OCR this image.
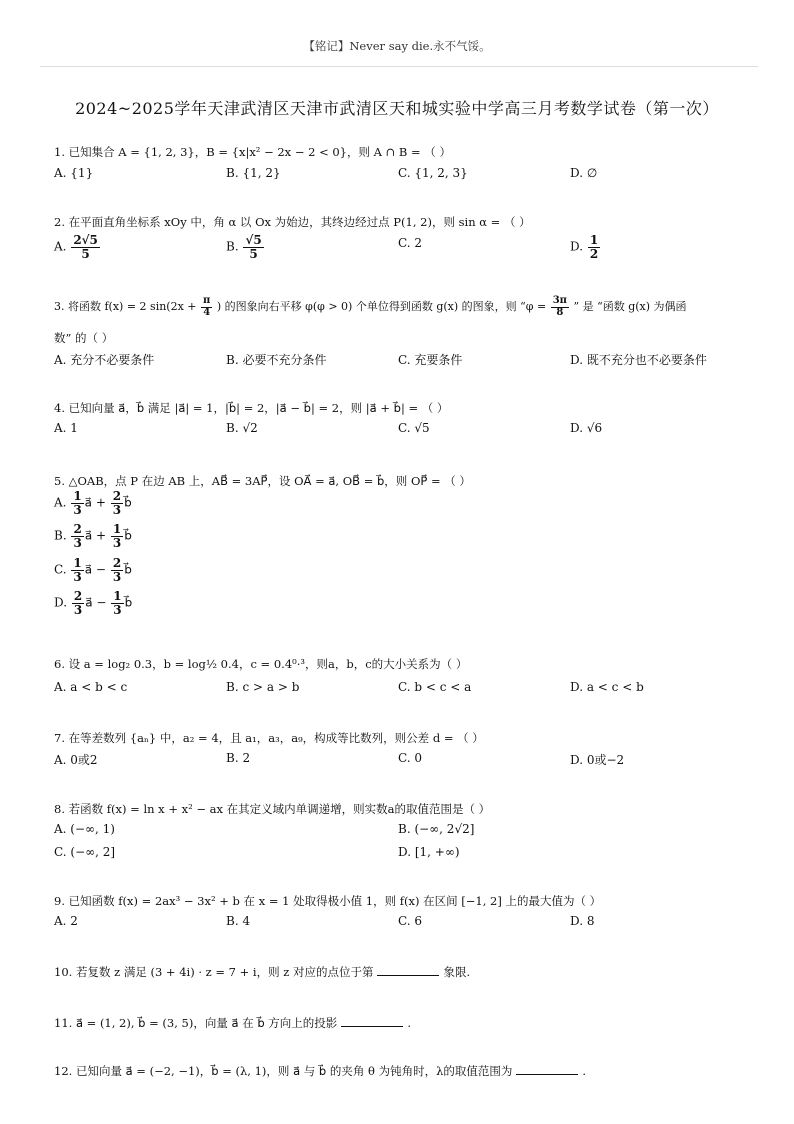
【铭记】Never say die.永不气馁。
2024~2025学年天津武清区天津市武清区天和城实验中学高三月考数学试卷（第一次）
1. 已知集合 A = {1, 2, 3}，B = {x|x² − 2x − 2 < 0}，则 A ∩ B = （ ）
A. {1}	B. {1, 2}	C. {1, 2, 3}	D. ∅
2. 在平面直角坐标系 xOy 中，角 α 以 Ox 为始边，其终边经过点 P(1, 2)，则 sin α = （ ）
A. $\frac{2√5}{5}$	B. $\frac{√5}{5}$	C. 2	D. $\frac{1}{2}$
3. 将函数 f(x) = 2 $\sin(2x + \frac{\pi}{4}$ ) 的图象向右平移 φ(φ > 0) 个单位得到函数 g(x) 的图象，则 “$\varphi = \frac{3\pi}{8}$ ” 是 “函数 g(x) 为偶函
数” 的（ ）
A. 充分不必要条件	B. 必要不充分条件	C. 充要条件	D. 既不充分也不必要条件
4. 已知向量 a⃗，b⃗ 满足 |a⃗| = 1，|b⃗| = 2，|a⃗ − b⃗| = 2，则 |a⃗ + b⃗| = （ ）
A. 1	B. √2	C. √5	D. √6
5. △OAB，点 P 在边 AB 上，AB⃗ = 3AP⃗，设 OA⃗ = a⃗, OB⃗ = b⃗，则 OP⃗ = （ ）
A. $\frac{1}{3}$ a⃗ + $\frac{2}{3}$ b⃗
B. $\frac{2}{3}$ a⃗ + $\frac{1}{3}$ b⃗
C. $\frac{1}{3}$ a⃗ − $\frac{2}{3}$ b⃗
D. $\frac{2}{3}$ a⃗ − $\frac{1}{3}$ b⃗
6. 设 a = log₂ 0.3，b = log½ 0.4，c = 0.4⁰·³，则a，b，c的大小关系为（ ）
A. a < b < c	B. c > a > b	C. b < c < a	D. a < c < b
7. 在等差数列 {aₙ} 中，a₂ = 4，且 a₁，a₃，a₉，构成等比数列，则公差 d = （ ）
A. 0或2	B. 2	C. 0	D. 0或−2
8. 若函数 f(x) = ln x + x² − ax 在其定义域内单调递增，则实数a的取值范围是（ ）
A. (−∞, 1)	B. (−∞, 2√2]
C. (−∞, 2]	D. [1, +∞)
9. 已知函数 f(x) = 2ax³ − 3x² + b 在 x = 1 处取得极小值 1，则 f(x) 在区间 [−1, 2] 上的最大值为（ ）
A. 2	B. 4	C. 6	D. 8
10. 若复数 z 满足 (3 + 4i) · z = 7 + i，则 z 对应的点位于第	象限.
11. a⃗ = (1, 2), b⃗ = (3, 5)，向量 a⃗ 在 b⃗ 方向上的投影	.
12. 已知向量 a⃗ = (−2, −1)，b⃗ = (λ, 1)，则 a⃗ 与 b⃗ 的夹角 θ 为钝角时，λ的取值范围为	.
